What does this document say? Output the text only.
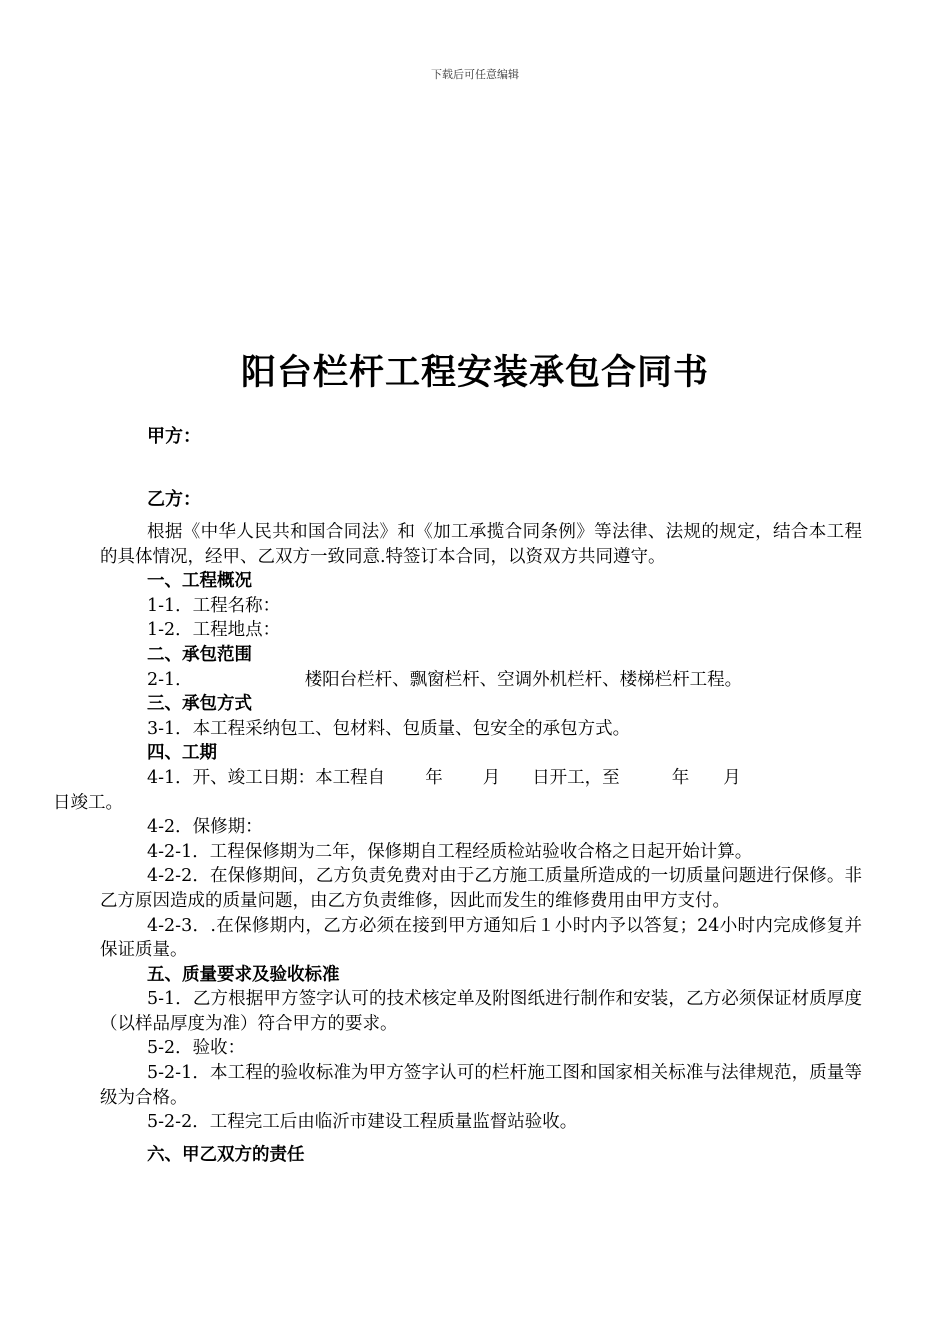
下载后可任意编辑
阳台栏杆工程安装承包合同书
甲方：
乙方：

根据《中华人民共和国合同法》和《加工承揽合同条例》等法律、法规的规定，结合本工程的具体情况，经甲、乙双方一致同意.特签订本合同，以资双方共同遵守。

一、工程概况

1-1．工程名称：

1-2．工程地点：

二、承包范围

2-1．	楼阳台栏杆、飘窗栏杆、空调外机栏杆、楼梯栏杆工程。

三、承包方式

3-1．本工程采纳包工、包材料、包质量、包安全的承包方式。

四、工期

4-1．开、竣工日期：本工程自 年 月 日开工，至	年 月
日竣工。

4-2．保修期：

4-2-1．工程保修期为二年，保修期自工程经质检站验收合格之日起开始计算。

4-2-2．在保修期间，乙方负责免费对由于乙方施工质量所造成的一切质量问题进行保修。非乙方原因造成的质量问题，由乙方负责维修，因此而发生的维修费用由甲方支付。

4-2-3．.在保修期内，乙方必须在接到甲方通知后１小时内予以答复；24小时内完成修复并保证质量。

五、质量要求及验收标准

5-1．乙方根据甲方签字认可的技术核定单及附图纸进行制作和安装，乙方必须保证材质厚度（以样品厚度为准）符合甲方的要求。

5-2．验收：

5-2-1．本工程的验收标准为甲方签字认可的栏杆施工图和国家相关标准与法律规范，质量等级为合格。

5-2-2．工程完工后由临沂市建设工程质量监督站验收。

六、甲乙双方的责任
